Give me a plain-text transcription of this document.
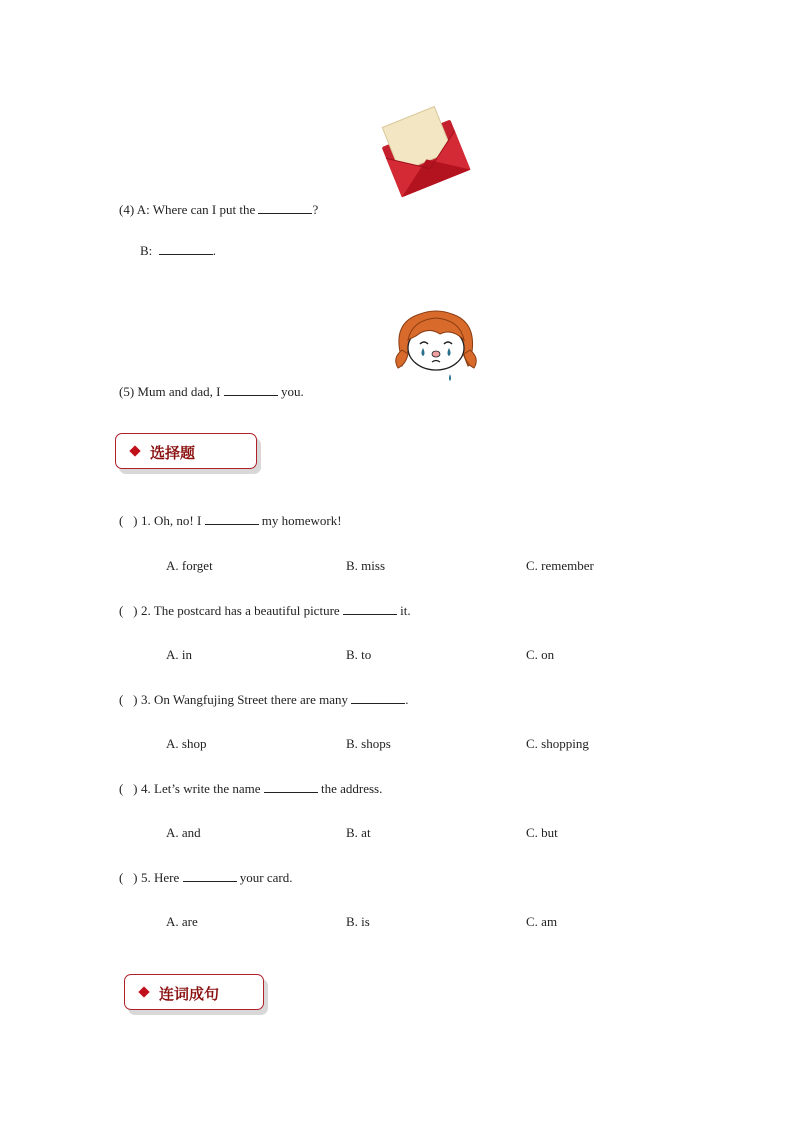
(4) A: Where can I put the	?
B:	.
(5) Mum and dad, I	you.
选择题
( ) 1. Oh, no! I	my homework!
A. forget	B. miss	C. remember
( ) 2. The postcard has a beautiful picture	it.
A. in	B. to	C. on
( ) 3. On Wangfujing Street there are many	.
A. shop	B. shops	C. shopping
( ) 4. Let’s write the name	the address.
A. and	B. at	C. but
( ) 5. Here	your card.
A. are	B. is	C. am
连词成句
